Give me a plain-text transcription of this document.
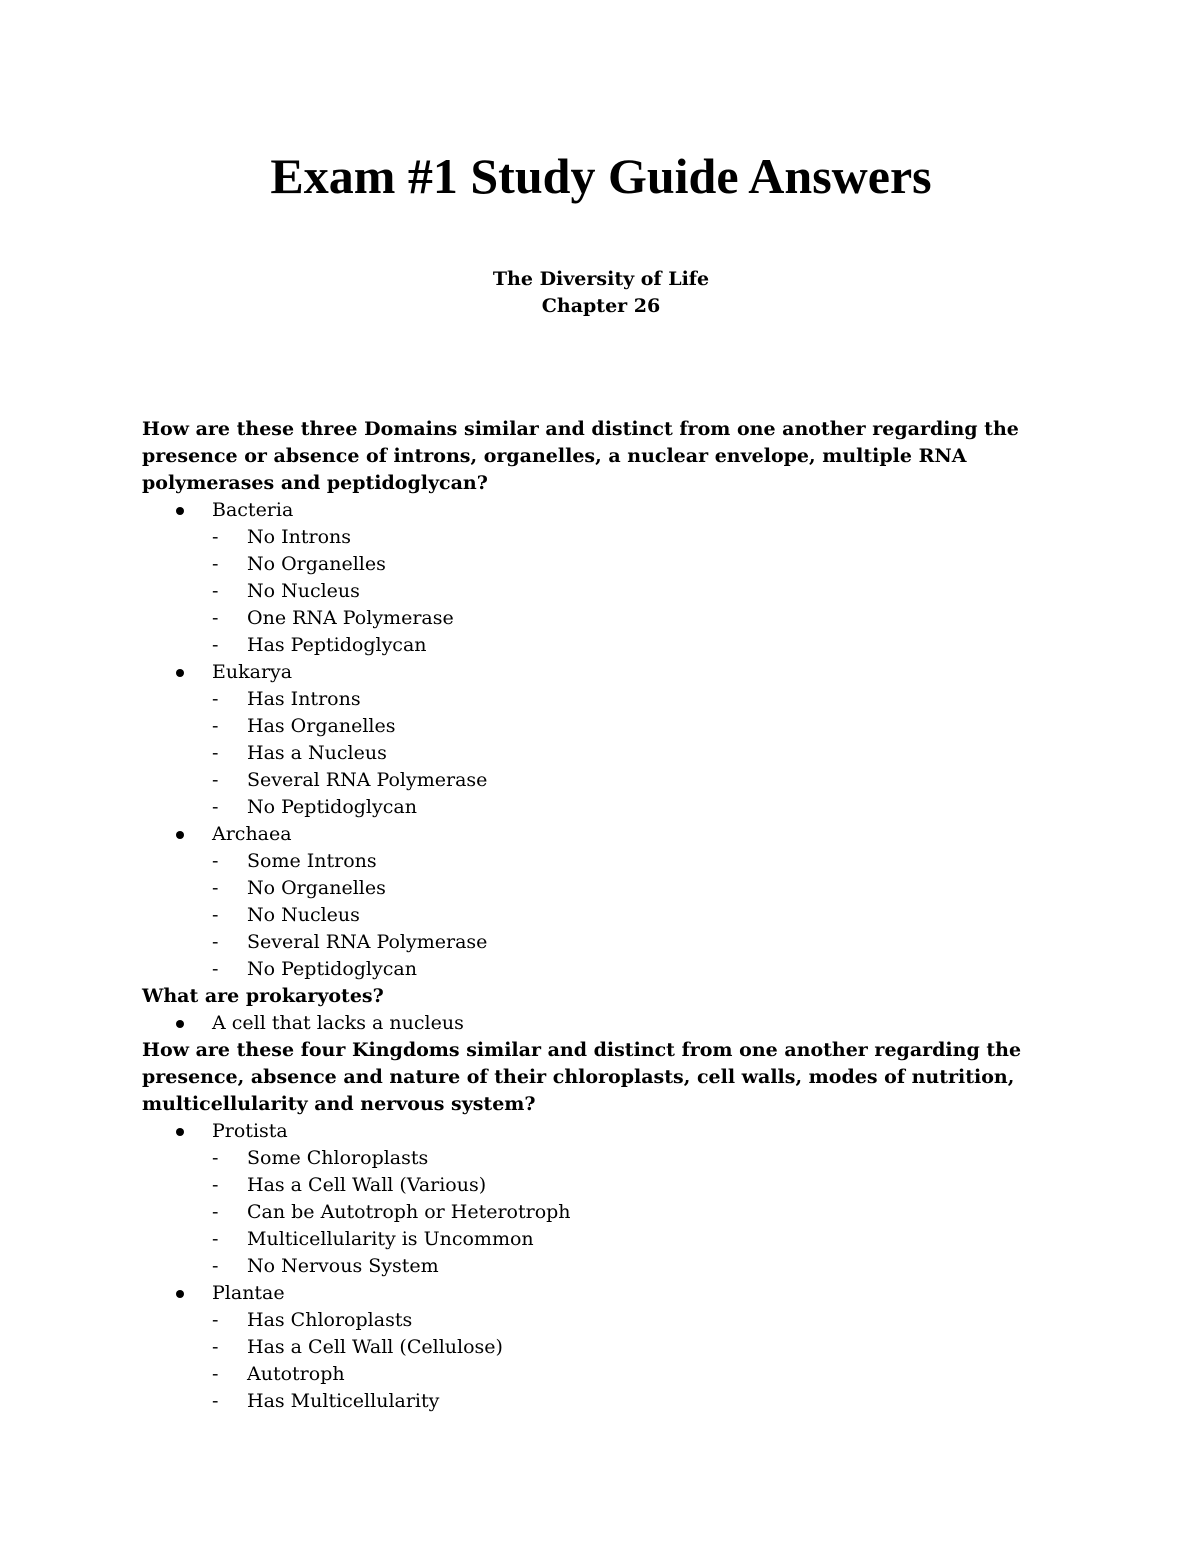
Exam #1 Study Guide Answers
The Diversity of Life
Chapter 26

How are these three Domains similar and distinct from one another regarding the presence or absence of introns, organelles, a nuclear envelope, multiple RNA polymerases and peptidoglycan?

Bacteria
- No Introns
- No Organelles
- No Nucleus
- One RNA Polymerase
- Has Peptidoglycan
Eukarya
- Has Introns
- Has Organelles
- Has a Nucleus
- Several RNA Polymerase
- No Peptidoglycan
Archaea
- Some Introns
- No Organelles
- No Nucleus
- Several RNA Polymerase
- No Peptidoglycan

What are prokaryotes?

A cell that lacks a nucleus

How are these four Kingdoms similar and distinct from one another regarding the presence, absence and nature of their chloroplasts, cell walls, modes of nutrition, multicellularity and nervous system?

Protista
- Some Chloroplasts
- Has a Cell Wall (Various)
- Can be Autotroph or Heterotroph
- Multicellularity is Uncommon
- No Nervous System
Plantae
- Has Chloroplasts
- Has a Cell Wall (Cellulose)
- Autotroph
- Has Multicellularity
